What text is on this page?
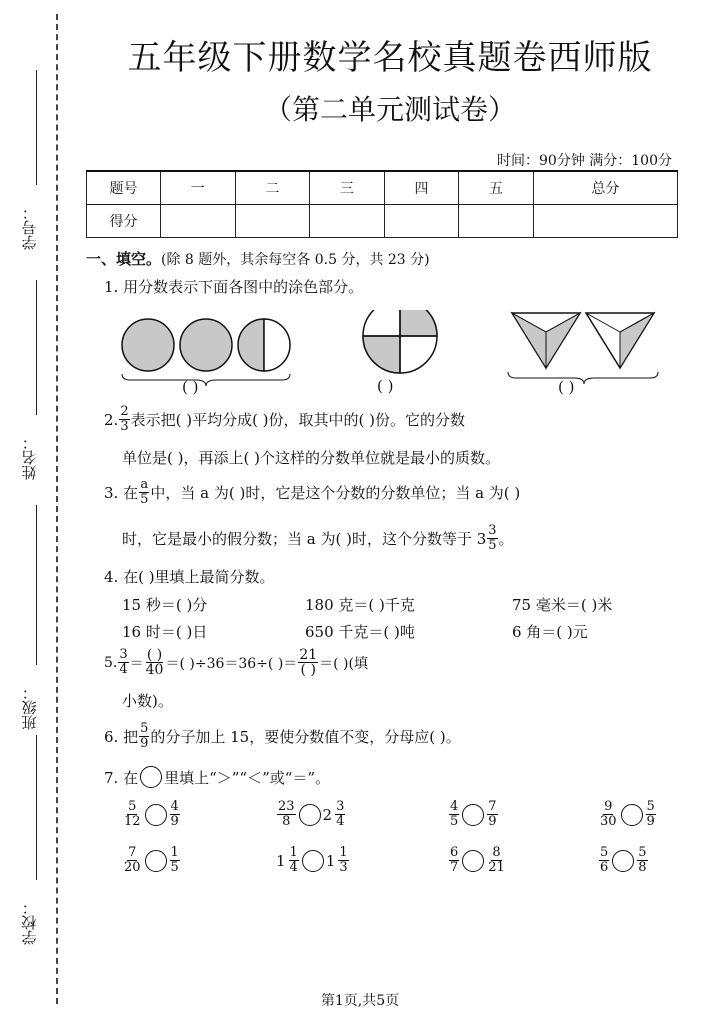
学号：
姓名：
班级：
学校：
五年级下册数学名校真题卷西师版
（第二单元测试卷）
时间：90分钟 满分：100分
题号	一	二	三	四	五	总分
得分						
一、填空。(除 8 题外，其余每空各 0.5 分，共 23 分)
1. 用分数表示下面各图中的涂色部分。
( )	( )	( )
2. $\frac{2}{3}$ 表示把( )平均分成( )份，取其中的( )份。它的分数
单位是( )，再添上( )个这样的分数单位就是最小的质数。
3. 在 $\frac{a}{5}$ 中，当 a 为( )时，它是这个分数的分数单位；当 a 为( )
时，它是最小的假分数；当 a 为( )时，这个分数等于 $3 \frac{3}{5}$ 。
4. 在( )里填上最简分数。
15 秒＝( )分	180 克＝( )千克	75 毫米＝( )米
16 时＝( )日	650 千克＝( )吨	6 角＝( )元
5. $\frac{3}{4} = \frac{( )}{40}$ ＝( )÷36＝36÷( )＝ $\frac{21}{( )}$ ＝( )(填
小数)。
6. 把 $\frac{5}{9}$ 的分子加上 15，要使分数值不变，分母应( )。
7. 在 里填上“＞”“＜”或“＝”。
$\frac{5}{12} \frac{4}{9}$	$\frac{23}{8} 2 \frac{3}{4}$	$\frac{4}{5} \frac{7}{9}$	$\frac{9}{30} \frac{5}{9}$
$\frac{7}{20} \frac{1}{5}$	$1 \frac{1}{4} 1 \frac{1}{3}$	$\frac{6}{7} \frac{8}{21}$	$\frac{5}{6} \frac{5}{8}$
第1页,共5页
